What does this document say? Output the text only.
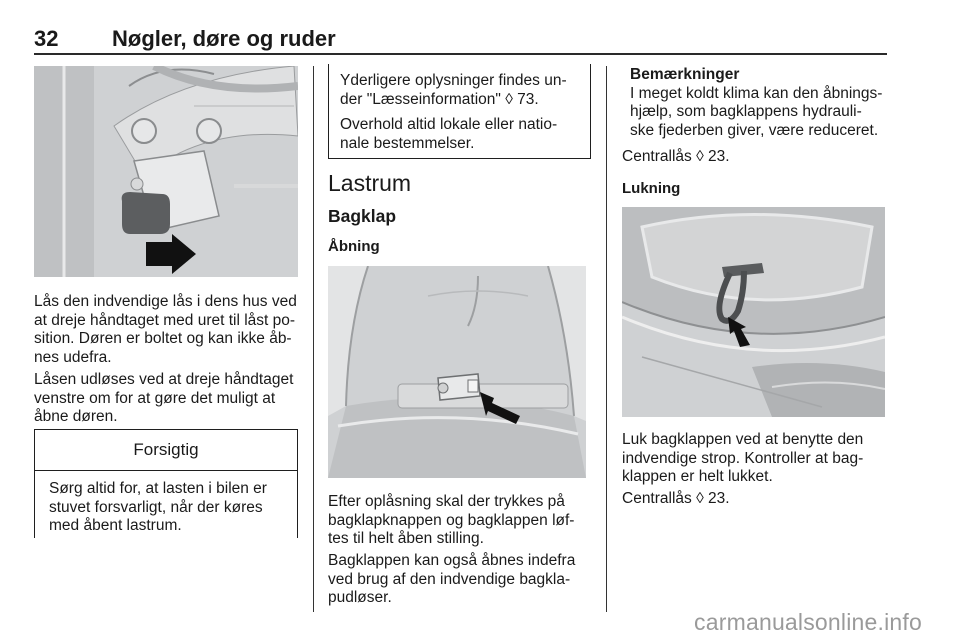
32 Nøgler, døre og ruder

Lås den indvendige lås i dens hus ved

at dreje håndtaget med uret til låst po-

sition. Døren er boltet og kan ikke åb-

nes udefra.

Låsen udløses ved at dreje håndtaget

venstre om for at gøre det muligt at

åbne døren.

Forsigtig

Sørg altid for, at lasten i bilen er

stuvet forsvarligt, når der køres

med åbent lastrum.

Yderligere oplysninger findes un-

der "Læsseinformation" ◊ 73.

Overhold altid lokale eller natio-

nale bestemmelser.

Lastrum
Bagklap
Åbning

Efter oplåsning skal der trykkes på

bagklapknappen og bagklappen løf-

tes til helt åben stilling.

Bagklappen kan også åbnes indefra

ved brug af den indvendige bagkla-

pudløser.

Bemærkninger

I meget koldt klima kan den åbnings-

hjælp, som bagklappens hydrauli-

ske fjederben giver, være reduceret.

Centrallås ◊ 23.
Lukning

Luk bagklappen ved at benytte den

indvendige strop. Kontroller at bag-

klappen er helt lukket.

Centrallås ◊ 23.
carmanualsonline.info
